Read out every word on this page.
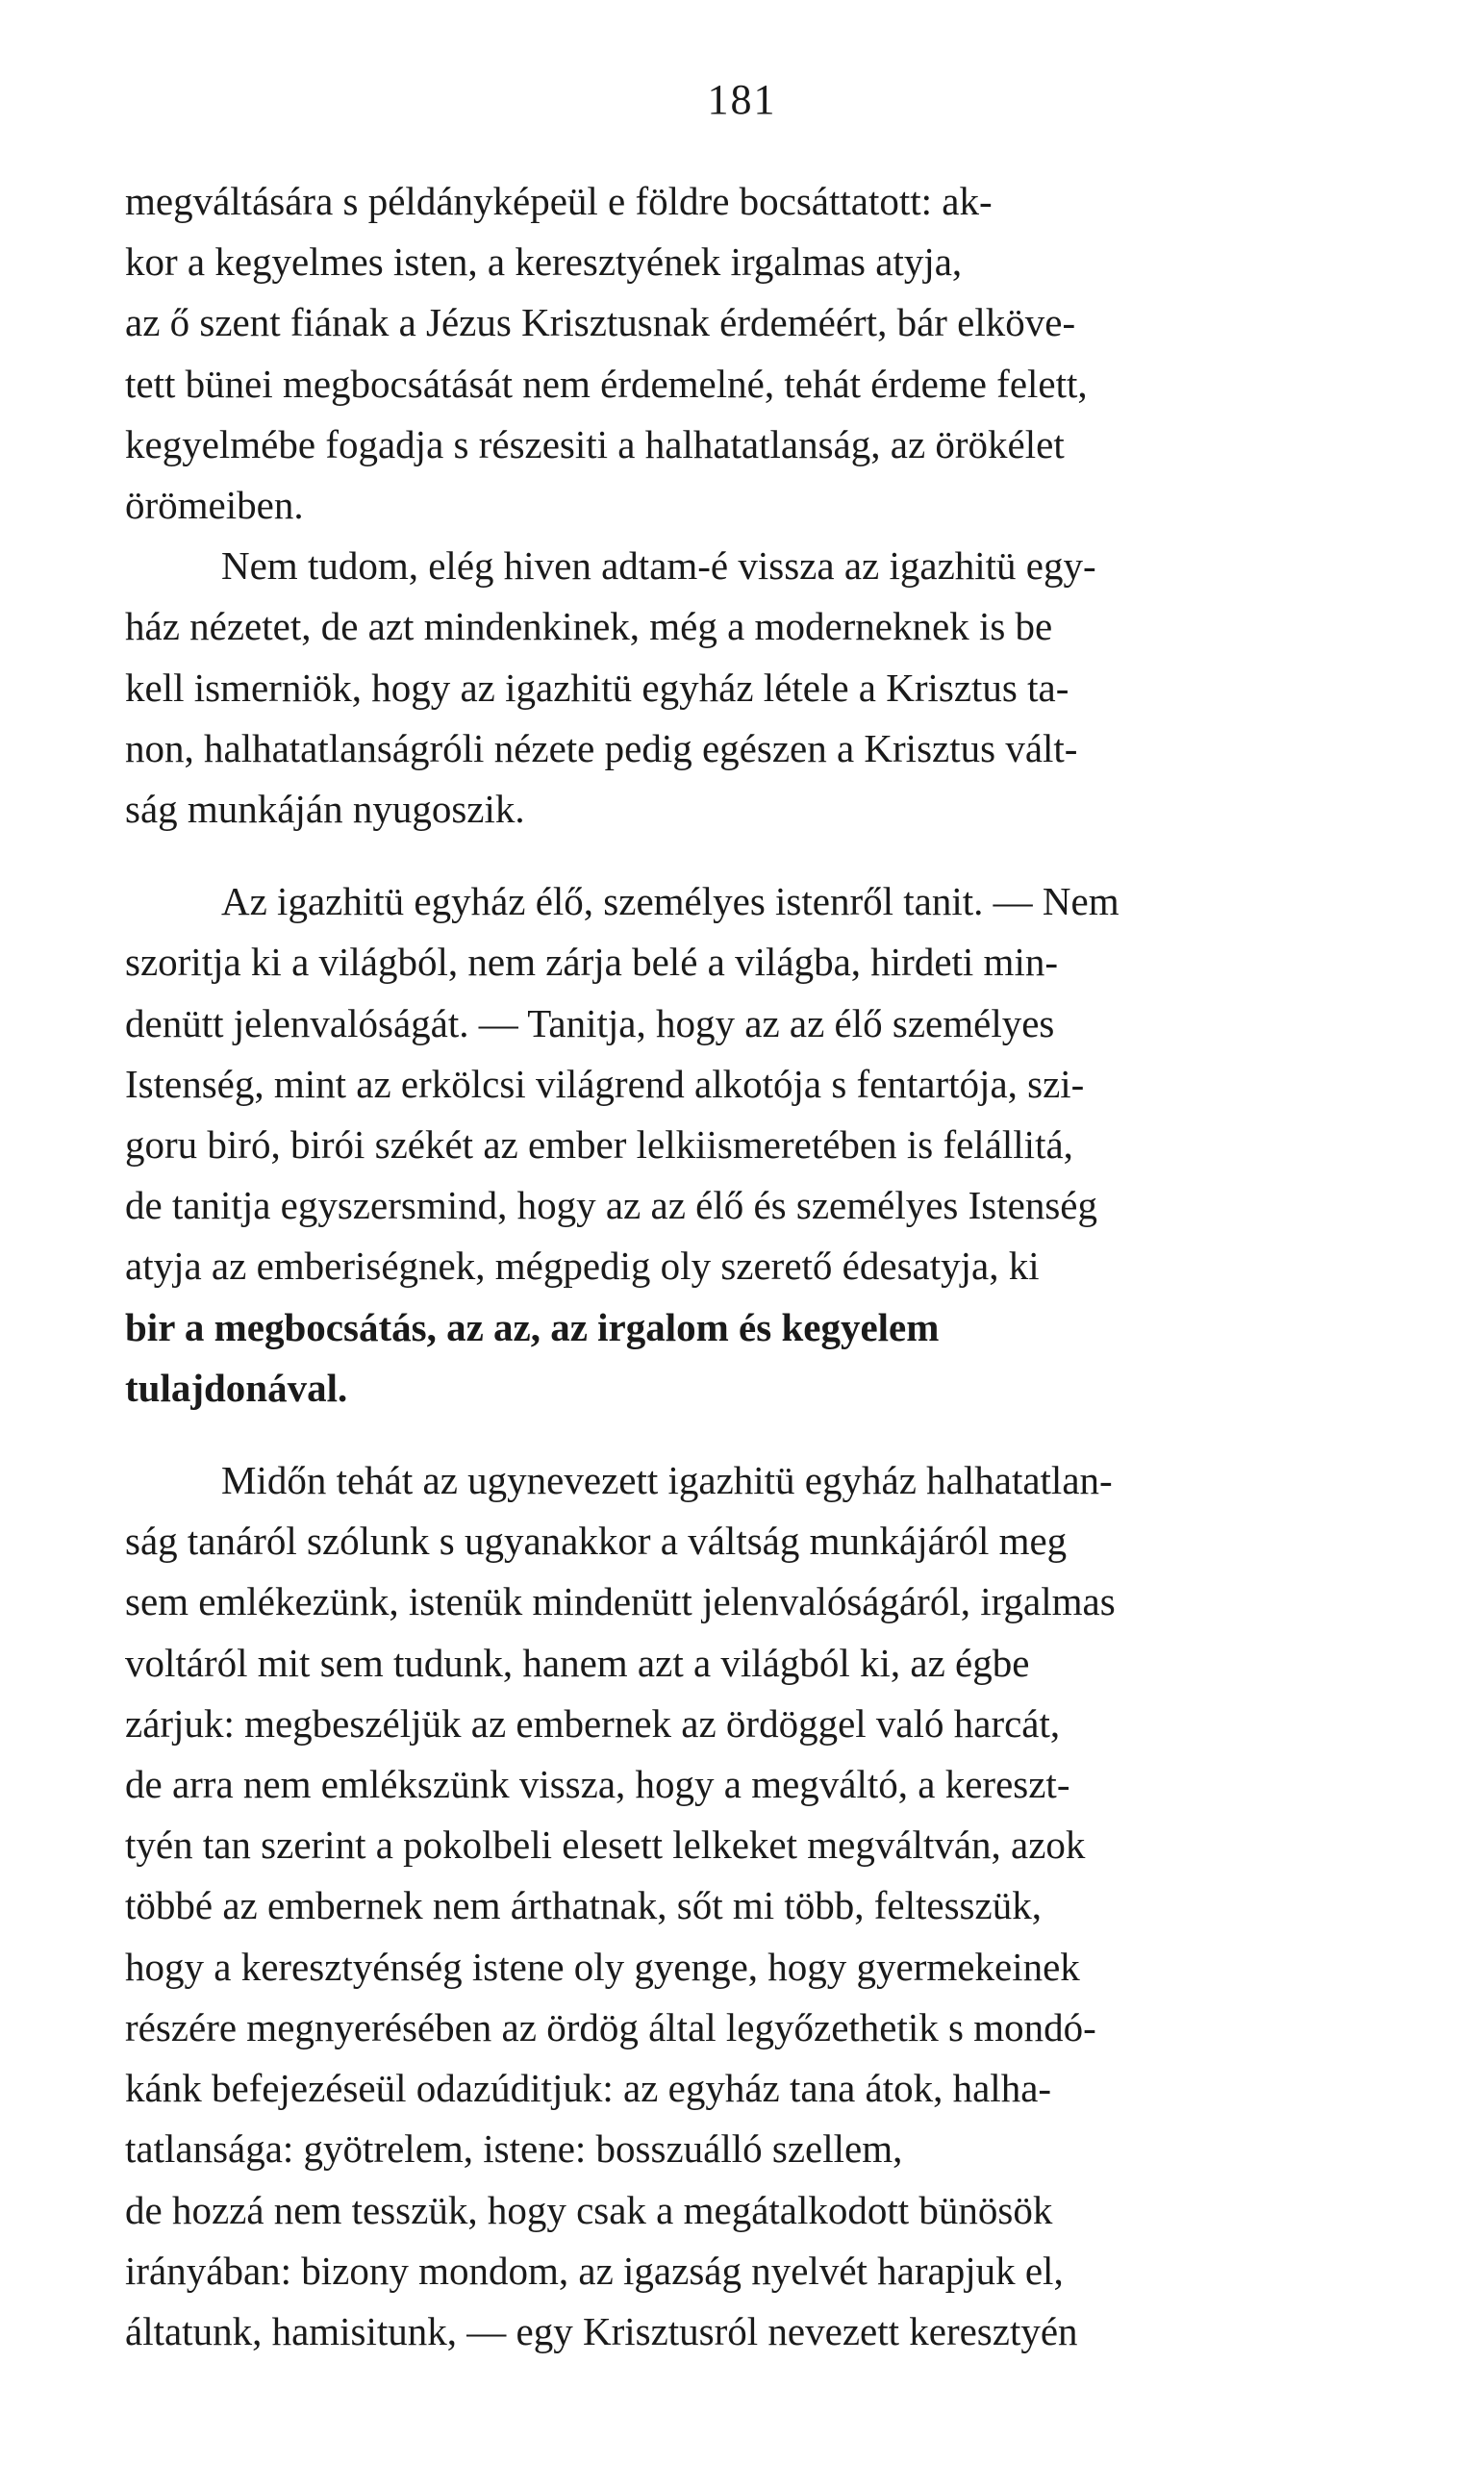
181

megváltására s példányképeül e földre bocsáttatott: ak-
kor a kegyelmes isten, a keresztyének irgalmas atyja,
az ő szent fiának a Jézus Krisztusnak érdeméért, bár elköve-
tett bünei megbocsátását nem érdemelné, tehát érdeme felett,
kegyelmébe fogadja s részesiti a halhatatlanság, az örökélet
örömeiben.

Nem tudom, elég hiven adtam-é vissza az igazhitü egy-
ház nézetet, de azt mindenkinek, még a moderneknek is be
kell ismerniök, hogy az igazhitü egyház létele a Krisztus ta-
non, halhatatlanságróli nézete pedig egészen a Krisztus vált-
ság munkáján nyugoszik.

Az igazhitü egyház élő, személyes istenről tanit. — Nem
szoritja ki a világból, nem zárja belé a világba, hirdeti min-
denütt jelenvalóságát. — Tanitja, hogy az az élő személyes
Istenség, mint az erkölcsi világrend alkotója s fentartója, szi-
goru biró, birói székét az ember lelkiismeretében is felállitá,
de tanitja egyszersmind, hogy az az élő és személyes Istenség
atyja az emberiségnek, mégpedig oly szerető édesatyja, ki
bir a megbocsátás, az az, az irgalom és kegyelem
tulajdonával.

Midőn tehát az ugynevezett igazhitü egyház halhatatlan-
ság tanáról szólunk s ugyanakkor a váltság munkájáról meg
sem emlékezünk, istenük mindenütt jelenvalóságáról, irgalmas
voltáról mit sem tudunk, hanem azt a világból ki, az égbe
zárjuk: megbeszéljük az embernek az ördöggel való harcát,
de arra nem emlékszünk vissza, hogy a megváltó, a kereszt-
tyén tan szerint a pokolbeli elesett lelkeket megváltván, azok
többé az embernek nem árthatnak, sőt mi több, feltesszük,
hogy a keresztyénség istene oly gyenge, hogy gyermekeinek
részére megnyerésében az ördög által legyőzethetik s mondó-
kánk befejezéseül odazúditjuk: az egyház tana átok, halha-
tatlansága: gyötrelem, istene: bosszuálló szellem,
de hozzá nem tesszük, hogy csak a megátalkodott bünösök
irányában: bizony mondom, az igazság nyelvét harapjuk el,
áltatunk, hamisitunk, — egy Krisztusról nevezett keresztyén
